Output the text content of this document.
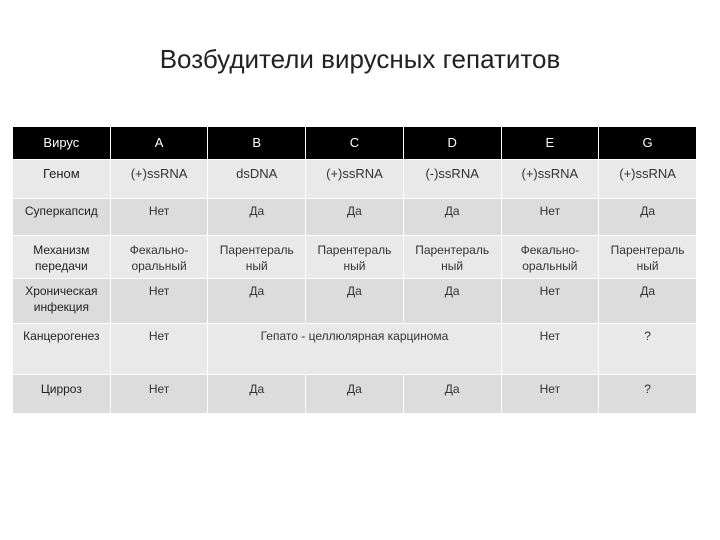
Возбудители вирусных гепатитов
Вирус	A	B	C	D	E	G
Геном	(+)ssRNA	dsDNA	(+)ssRNA	(-)ssRNA	(+)ssRNA	(+)ssRNA
Суперкапсид	Нет	Да	Да	Да	Нет	Да
Механизм передачи	Фекально-оральный	Парентераль ный	Парентераль ный	Парентераль ный	Фекально-оральный	Парентераль ный
Хроническая инфекция	Нет	Да	Да	Да	Нет	Да
Канцерогенез	Нет	Гепато - целлюлярная карцинома			Нет	?
Цирроз	Нет	Да	Да	Да	Нет	?
